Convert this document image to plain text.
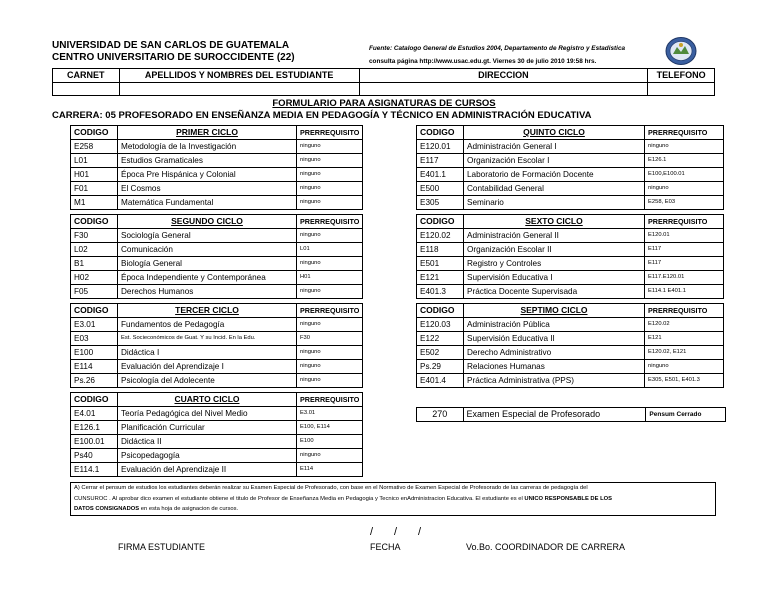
UNIVERSIDAD DE SAN CARLOS DE GUATEMALA
CENTRO UNIVERSITARIO DE SUROCCIDENTE (22)
Fuente: Catalogo General de Estudios 2004, Departamento de Registro y Estadistica
consulta página http://www.usac.edu.gt. Viernes 30 de julio 2010 19:58 hrs.
CARNET	APELLIDOS Y NOMBRES DEL ESTUDIANTE	DIRECCION	TELEFONO

FORMULARIO PARA ASIGNATURAS DE CURSOS
CARRERA: 05 PROFESORADO EN ENSEÑANZA MEDIA EN PEDAGOGÍA Y TÉCNICO EN ADMINISTRACIÓN EDUCATIVA
CODIGO	PRIMER CICLO	PRERREQUISITO
E258	Metodología de la Investigación	ninguno
L01	Estudios Gramaticales	ninguno
H01	Época Pre Hispánica y Colonial	ninguno
F01	El Cosmos	ninguno
M1	Matemática Fundamental	ninguno
CODIGO	SEGUNDO CICLO	PRERREQUISITO
F30	Sociología General	ninguno
L02	Comunicación	L01
B1	Biología General	ninguno
H02	Época Independiente y Contemporánea	H01
F05	Derechos Humanos	ninguno
CODIGO	TERCER CICLO	PRERREQUISITO
E3.01	Fundamentos de Pedagogía	ninguno
E03	Est. Socieconómicos de Guat. Y su Incid. En la Edu.	F30
E100	Didáctica I	ninguno
E114	Evaluación del Aprendizaje I	ninguno
Ps.26	Psicología del Adolecente	ninguno
CODIGO	CUARTO CICLO	PRERREQUISITO
E4.01	Teoría Pedagógica del Nivel Medio	E3.01
E126.1	Planificación Curricular	E100, E114
E100.01	Didáctica II	E100
Ps40	Psicopedagogía	ninguno
E114.1	Evaluación del Aprendizaje II	E114
CODIGO	QUINTO CICLO	PRERREQUISITO
E120.01	Administración General I	ninguno
E117	Organización Escolar I	E126.1
E401.1	Laboratorio de Formación Docente	E100,E100.01
E500	Contabilidad General	ninguno
E305	Seminario	E258, E03
CODIGO	SEXTO CICLO	PRERREQUISITO
E120.02	Administración General II	E120.01
E118	Organización Escolar II	E117
E501	Registro y Controles	E117
E121	Supervisión Educativa I	E117.E120.01
E401.3	Práctica Docente Supervisada	E114.1 E401.1
CODIGO	SEPTIMO CICLO	PRERREQUISITO
E120.03	Administración Pública	E120.02
E122	Supervisión Educativa II	E121
E502	Derecho Administrativo	E120.02, E121
Ps.29	Relaciones Humanas	ninguno
E401.4	Práctica Administrativa (PPS)	E305, E501, E401.3
270	Examen Especial de Profesorado	Pensum Cerrado
A) Cerrar el pensum de estudios los estudiantes deberán realizar su Examen Especial de Profesorado, con base en el Normativo de Examen Especial de Profesorado de las carreras de pedagogía del
CUNSUROC . Al aprobar dico examen el estudiante obtiene el titulo de Profesor de Enseñanza Media en Pedagogia y Tecnico enAdministracion Educativa. El estudiante es el UNICO RESPONSABLE DE LOS
DATOS CONSIGNADOS en esta hoja de asignacion de cursos.
/ / /
FIRMA ESTUDIANTE	FECHA	Vo.Bo. COORDINADOR DE CARRERA
